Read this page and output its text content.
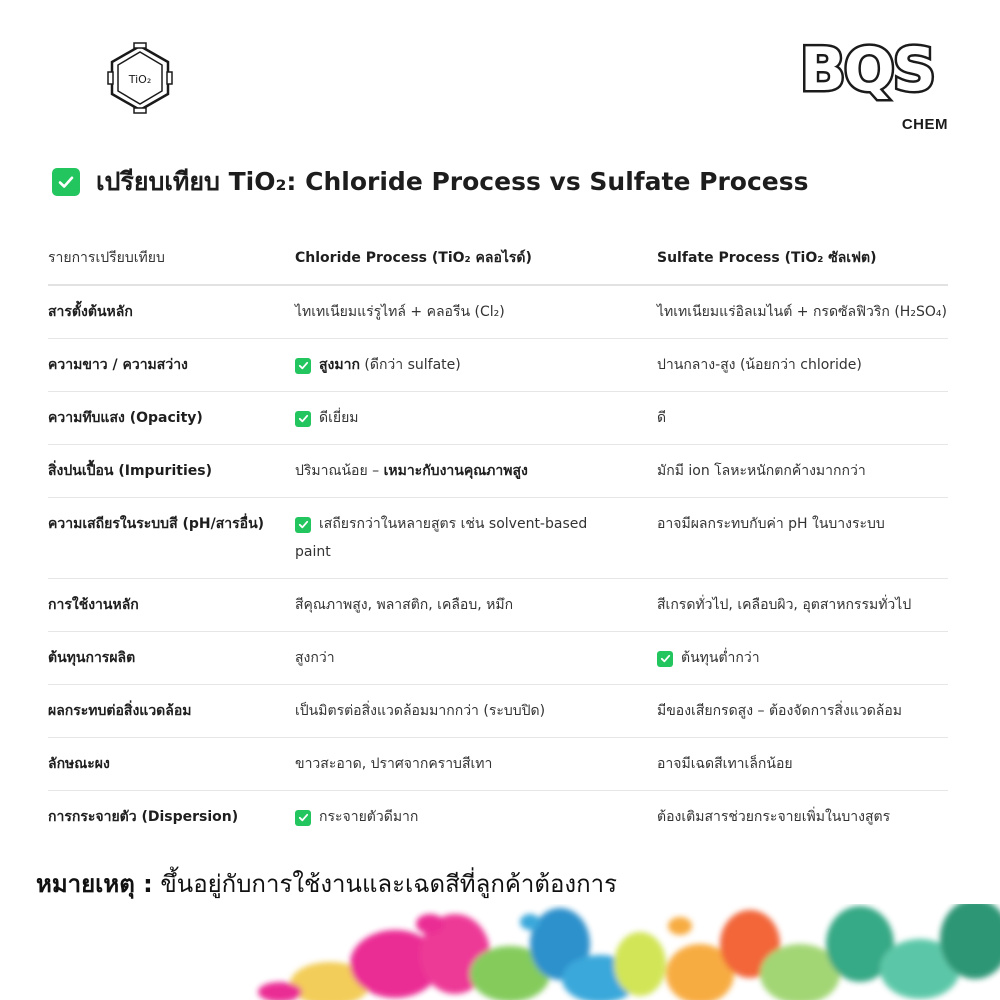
TiO₂	BQS
CHEM
เปรียบเทียบ TiO₂: Chloride Process vs Sulfate Process
รายการเปรียบเทียบ	Chloride Process (TiO₂ คลอไรด์)	Sulfate Process (TiO₂ ซัลเฟต)
สารตั้งต้นหลัก	ไทเทเนียมแร่รูไทล์ + คลอรีน (Cl₂)	ไทเทเนียมแร่อิลเมไนต์ + กรดซัลฟิวริก (H₂SO₄)
ความขาว / ความสว่าง	สูงมาก (ดีกว่า sulfate)	ปานกลาง-สูง (น้อยกว่า chloride)
ความทึบแสง (Opacity)	ดีเยี่ยม	ดี
สิ่งปนเปื้อน (Impurities)	ปริมาณน้อย – เหมาะกับงานคุณภาพสูง	มักมี ion โลหะหนักตกค้างมากกว่า
ความเสถียรในระบบสี (pH/สารอื่น)	เสถียรกว่าในหลายสูตร เช่น solvent-based paint	อาจมีผลกระทบกับค่า pH ในบางระบบ
การใช้งานหลัก	สีคุณภาพสูง, พลาสติก, เคลือบ, หมึก	สีเกรดทั่วไป, เคลือบผิว, อุตสาหกรรมทั่วไป
ต้นทุนการผลิต	สูงกว่า	ต้นทุนต่ำกว่า
ผลกระทบต่อสิ่งแวดล้อม	เป็นมิตรต่อสิ่งแวดล้อมมากกว่า (ระบบปิด)	มีของเสียกรดสูง – ต้องจัดการสิ่งแวดล้อม
ลักษณะผง	ขาวสะอาด, ปราศจากคราบสีเทา	อาจมีเฉดสีเทาเล็กน้อย
การกระจายตัว (Dispersion)	กระจายตัวดีมาก	ต้องเติมสารช่วยกระจายเพิ่มในบางสูตร
หมายเหตุ : ขึ้นอยู่กับการใช้งานและเฉดสีที่ลูกค้าต้องการ
